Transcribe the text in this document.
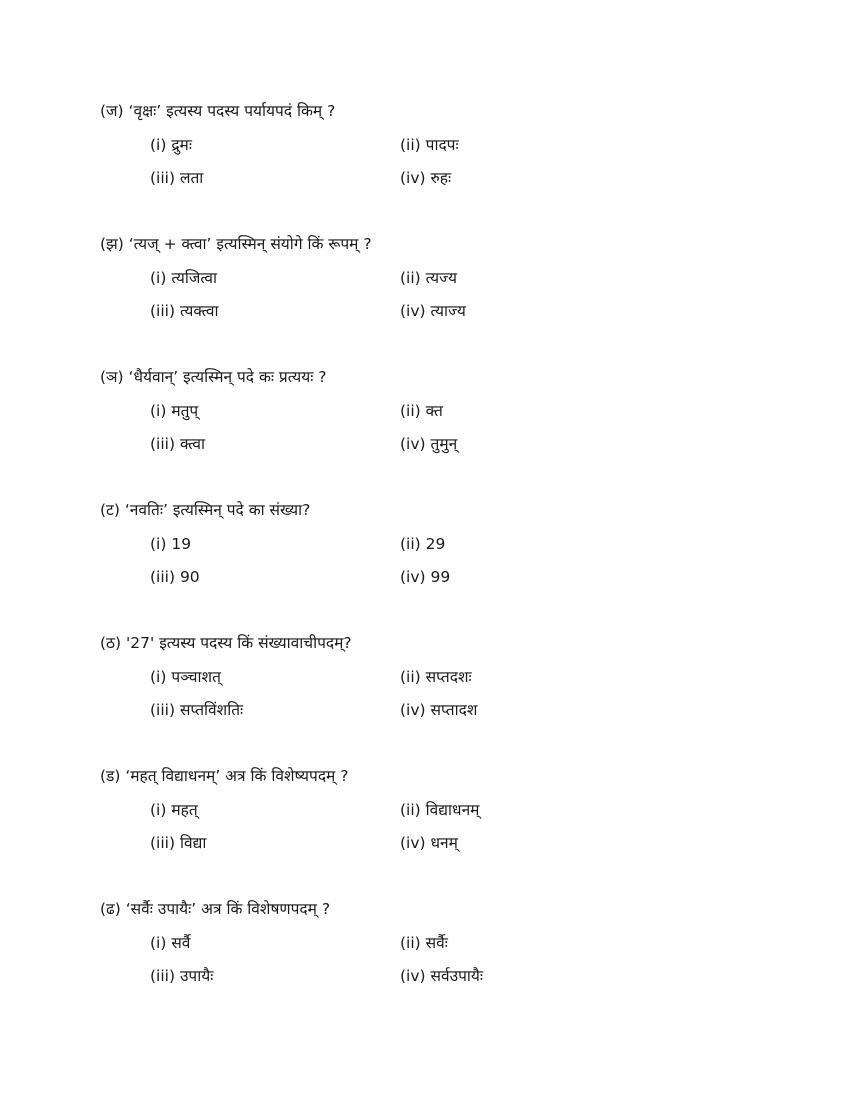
(ज) ‘वृक्षः’ इत्यस्य पदस्य पर्यायपदं किम् ?
(i) द्रुमः	(ii) पादपः
(iii) लता	(iv) रुहः
(झ) ‘त्यज् + क्त्वा’ इत्यस्मिन् संयोगे किं रूपम् ?
(i) त्यजित्वा	(ii) त्यज्य
(iii) त्यक्त्वा	(iv) त्याज्य
(ञ) ‘धैर्यवान्’ इत्यस्मिन् पदे कः प्रत्ययः ?
(i) मतुप्	(ii) क्त
(iii) क्त्वा	(iv) तुमुन्
(ट) ‘नवतिः’ इत्यस्मिन् पदे का संख्या?
(i) 19	(ii) 29
(iii) 90	(iv) 99
(ठ) '27' इत्यस्य पदस्य किं संख्यावाचीपदम्?
(i) पञ्चाशत्	(ii) सप्तदशः
(iii) सप्तविंशतिः	(iv) सप्तादश
(ड) ‘महत् विद्याधनम्’ अत्र किं विशेष्यपदम् ?
(i) महत्	(ii) विद्याधनम्
(iii) विद्या	(iv) धनम्
(ढ) ‘सर्वैः उपायैः’ अत्र किं विशेषणपदम् ?
(i) सर्वै	(ii) सर्वैः
(iii) उपायैः	(iv) सर्वउपायैः
